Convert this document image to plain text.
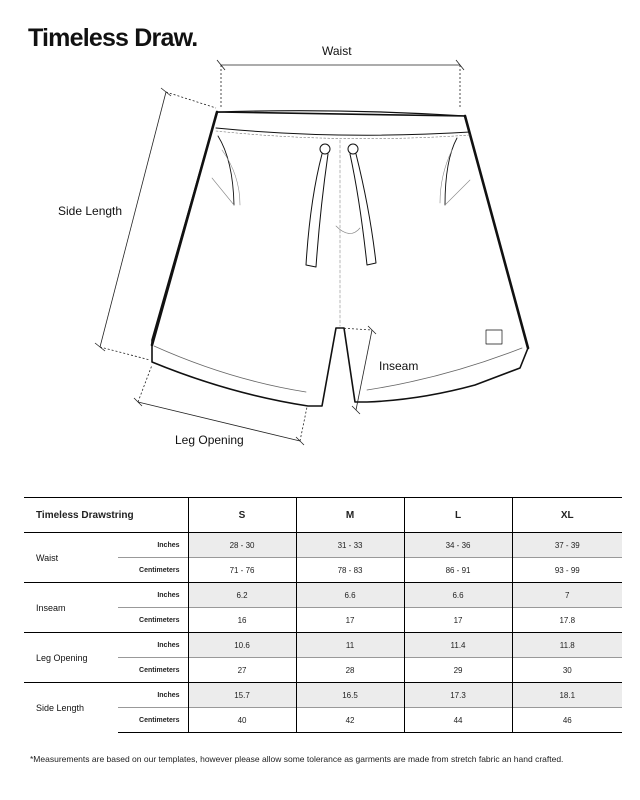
Timeless Draw.	Waist
Side Length
Inseam
Leg Opening
Timeless Drawstring		S	M	L	XL
Waist	Inches	28 - 30	31 - 33	34 - 36	37 - 39
	Centimeters	71 - 76	78 - 83	86 - 91	93 - 99
Inseam	Inches	6.2	6.6	6.6	7
	Centimeters	16	17	17	17.8
Leg Opening	Inches	10.6	11	11.4	11.8
	Centimeters	27	28	29	30
Side Length	Inches	15.7	16.5	17.3	18.1
	Centimeters	40	42	44	46
*Measurements are based on our templates, however please allow some tolerance as garments are made from stretch fabric an hand crafted.
